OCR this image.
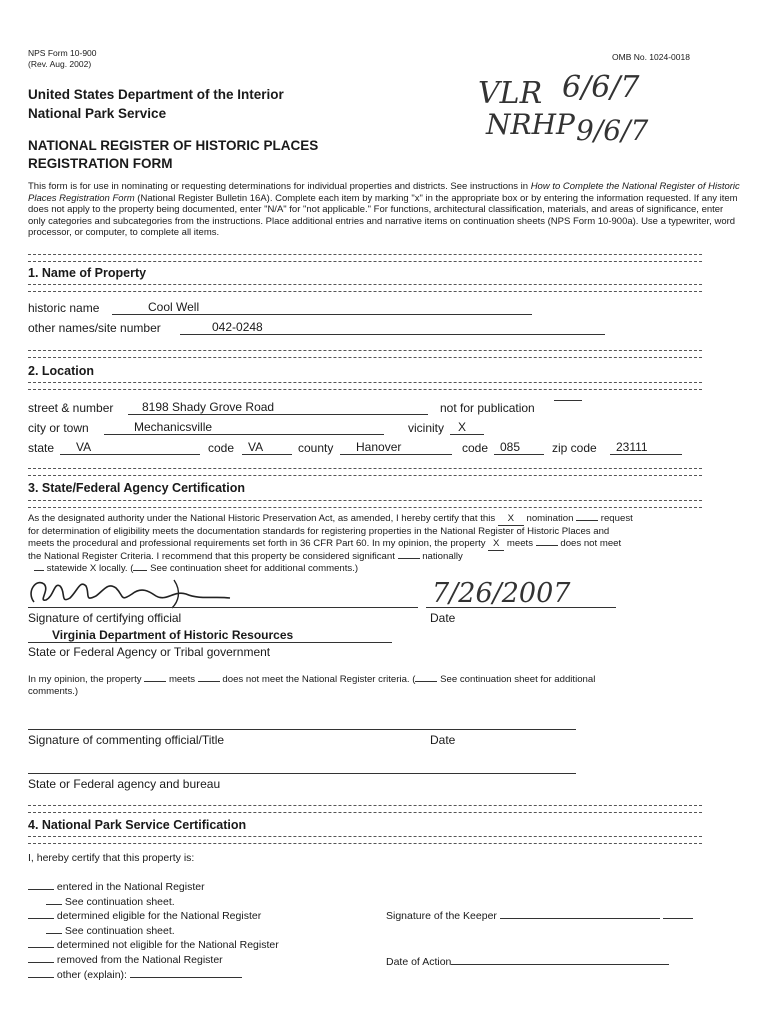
NPS Form 10-900
(Rev. Aug. 2002)
OMB No. 1024-0018
United States Department of the Interior
National Park Service
VLR 6/6/7
NRHP 9/6/7
NATIONAL REGISTER OF HISTORIC PLACES
REGISTRATION FORM
This form is for use in nominating or requesting determinations for individual properties and districts. See instructions in How to Complete the National Register of Historic Places Registration Form (National Register Bulletin 16A). Complete each item by marking "x" in the appropriate box or by entering the information requested. If any item does not apply to the property being documented, enter "N/A" for "not applicable." For functions, architectural classification, materials, and areas of significance, enter only categories and subcategories from the instructions. Place additional entries and narrative items on continuation sheets (NPS Form 10-900a). Use a typewriter, word processor, or computer, to complete all items.
1. Name of Property
historic name	Cool Well
other names/site number	042-0248
2. Location
street & number	8198 Shady Grove Road	not for publication
city or town	Mechanicsville	vicinity	X
state	VA	code	VA	county	Hanover	code 085	zip code	23111
3. State/Federal Agency Certification
As the designated authority under the National Historic Preservation Act, as amended, I hereby certify that this X nomination	request
for determination of eligibility meets the documentation standards for registering properties in the National Register of Historic Places and
meets the procedural and professional requirements set forth in 36 CFR Part 60. In my opinion, the property X meets	does not meet
the National Register Criteria. I recommend that this property be considered significant	nationally
statewide X locally. ( See continuation sheet for additional comments.)
7/26/2007
Signature of certifying official	Date
Virginia Department of Historic Resources
State or Federal Agency or Tribal government
In my opinion, the property	meets	does not meet the National Register criteria. (	See continuation sheet for additional
comments.)
Signature of commenting official/Title	Date
State or Federal agency and bureau
4. National Park Service Certification
I, hereby certify that this property is:
entered in the National Register
See continuation sheet.
determined eligible for the National Register
See continuation sheet.
determined not eligible for the National Register
removed from the National Register
other (explain):
Signature of the Keeper
Date of Action
